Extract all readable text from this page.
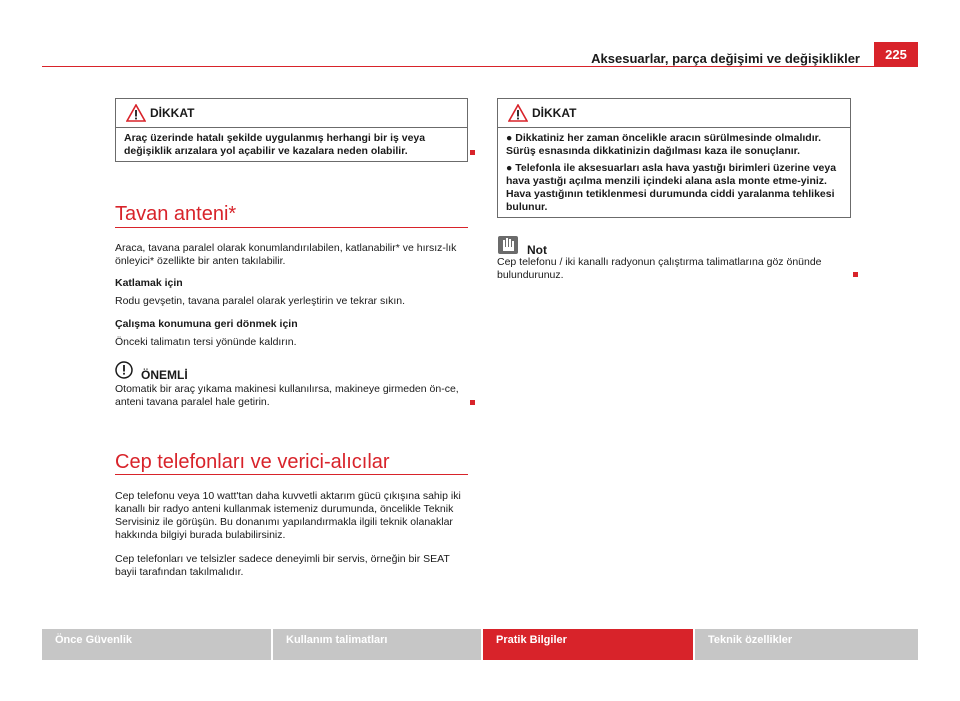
Aksesuarlar, parça değişimi ve değişiklikler	225
DİKKAT
Araç üzerinde hatalı şekilde uygulanmış herhangi bir iş veya değişiklik arızalara yol açabilir ve kazalara neden olabilir.
Tavan anteni*
Araca, tavana paralel olarak konumlandırılabilen, katlanabilir* ve hırsız-lık önleyici* özellikte bir anten takılabilir.
Katlamak için
Rodu gevşetin, tavana paralel olarak yerleştirin ve tekrar sıkın.
Çalışma konumuna geri dönmek için
Önceki talimatın tersi yönünde kaldırın.
ÖNEMLİ
Otomatik bir araç yıkama makinesi kullanılırsa, makineye girmeden ön-ce, anteni tavana paralel hale getirin.
Cep telefonları ve verici-alıcılar
Cep telefonu veya 10 watt'tan daha kuvvetli aktarım gücü çıkışına sahip iki kanallı bir radyo anteni kullanmak istemeniz durumunda, öncelikle Teknik Servisiniz ile görüşün. Bu donanımı yapılandırmakla ilgili teknik olanaklar hakkında bilgiyi burada bulabilirsiniz.
Cep telefonları ve telsizler sadece deneyimli bir servis, örneğin bir SEAT bayii tarafından takılmalıdır.
DİKKAT

● Dikkatiniz her zaman öncelikle aracın sürülmesinde olmalıdır. Sürüş esnasında dikkatinizin dağılması kaza ile sonuçlanır.

● Telefonla ile aksesuarları asla hava yastığı birimleri üzerine veya hava yastığı açılma menzili içindeki alana asla monte etme-yiniz. Hava yastığının tetiklenmesi durumunda ciddi yaralanma tehlikesi bulunur.

Not
Cep telefonu / iki kanallı radyonun çalıştırma talimatlarına göz önünde bulundurunuz.
Önce Güvenlik	Kullanım talimatları	Pratik Bilgiler	Teknik özellikler
